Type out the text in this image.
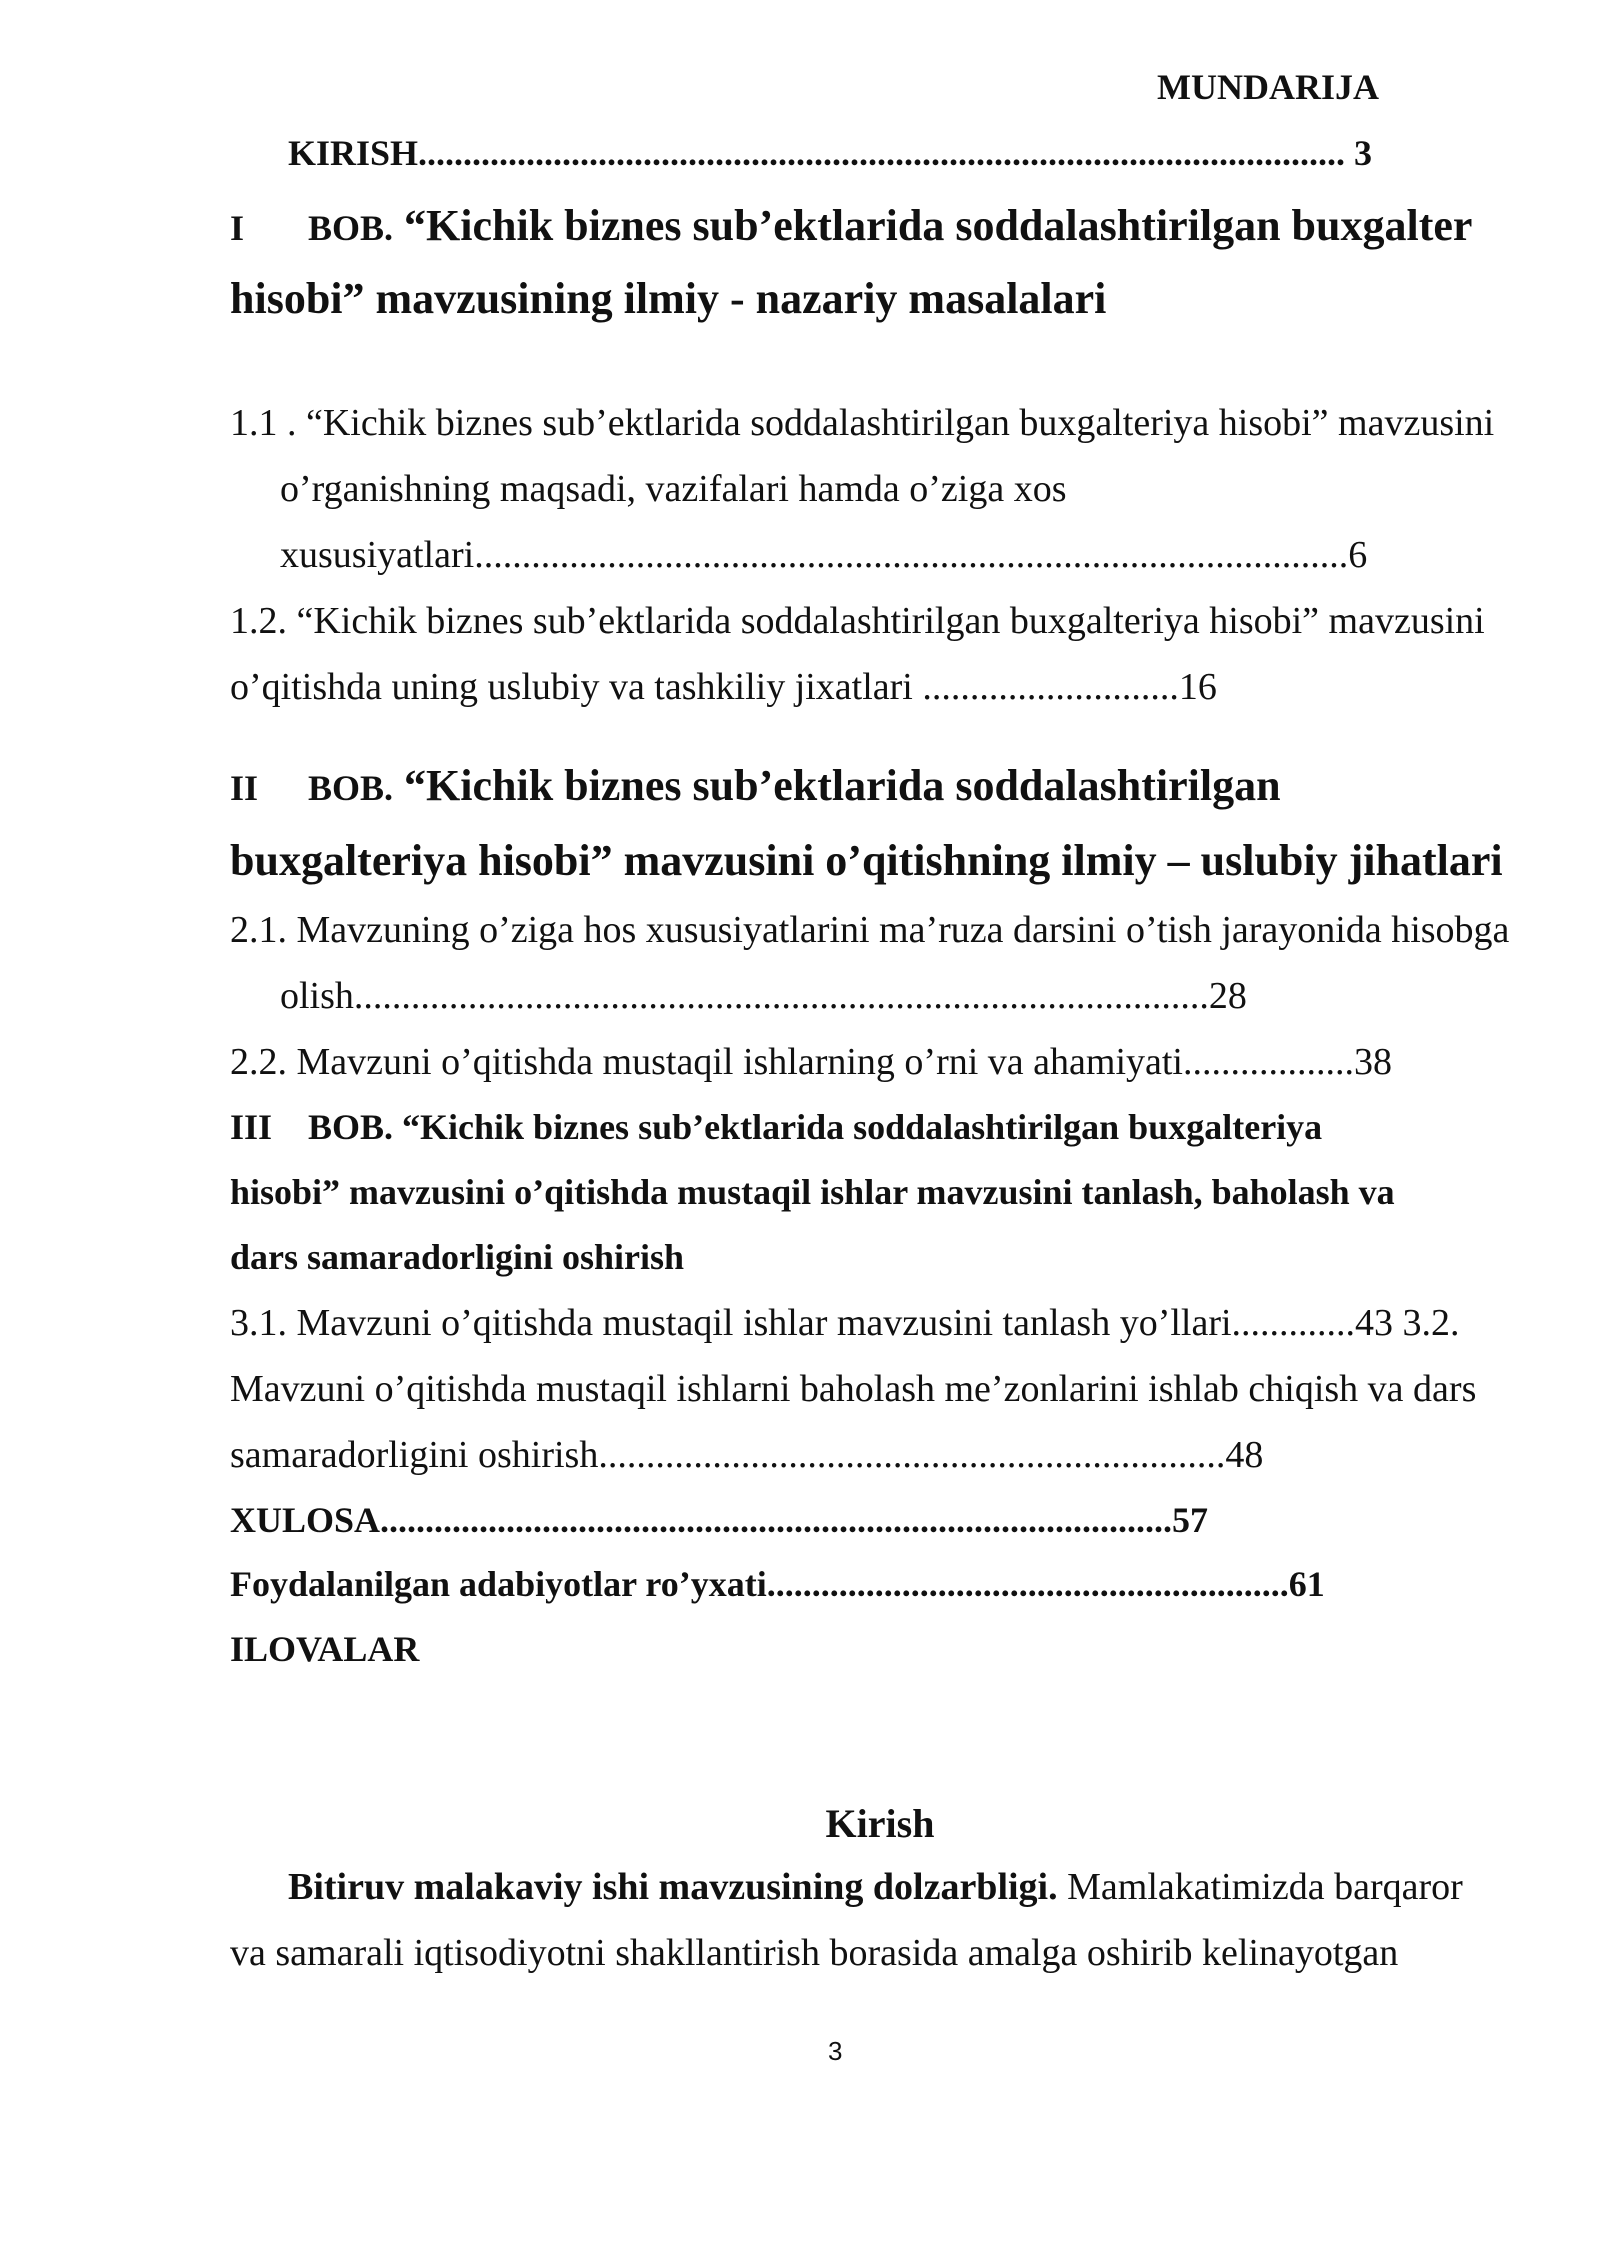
MUNDARIJA
KIRISH....................................................................................................... 3
I BOB. “Kichik biznes sub’ektlarida soddalashtirilgan buxgalter
hisobi” mavzusining ilmiy - nazariy masalalari
1.1 . “Kichik biznes sub’ektlarida soddalashtirilgan buxgalteriya hisobi” mavzusini
o’rganishning maqsadi, vazifalari hamda o’ziga xos
xususiyatlari............................................................................................6
1.2. “Kichik biznes sub’ektlarida soddalashtirilgan buxgalteriya hisobi” mavzusini
o’qitishda uning uslubiy va tashkiliy jixatlari ...........................16
II BOB. “Kichik biznes sub’ektlarida soddalashtirilgan
buxgalteriya hisobi” mavzusini o’qitishning ilmiy – uslubiy jihatlari
2.1. Mavzuning o’ziga hos xususiyatlarini ma’ruza darsini o’tish jarayonida hisobga
olish..........................................................................................28
2.2. Mavzuni o’qitishda mustaqil ishlarning o’rni va ahamiyati..................38
III BOB. “Kichik biznes sub’ektlarida soddalashtirilgan buxgalteriya
hisobi” mavzusini o’qitishda mustaqil ishlar mavzusini tanlash, baholash va
dars samaradorligini oshirish
3.1. Mavzuni o’qitishda mustaqil ishlar mavzusini tanlash yo’llari.............43 3.2.
Mavzuni o’qitishda mustaqil ishlarni baholash me’zonlarini ishlab chiqish va dars
samaradorligini oshirish..................................................................48
XULOSA........................................................................................57
Foydalanilgan adabiyotlar ro’yxati..........................................................61
ILOVALAR
Kirish
Bitiruv malakaviy ishi mavzusining dolzarbligi. Mamlakatimizda barqaror
va samarali iqtisodiyotni shakllantirish borasida amalga oshirib kelinayotgan
3
